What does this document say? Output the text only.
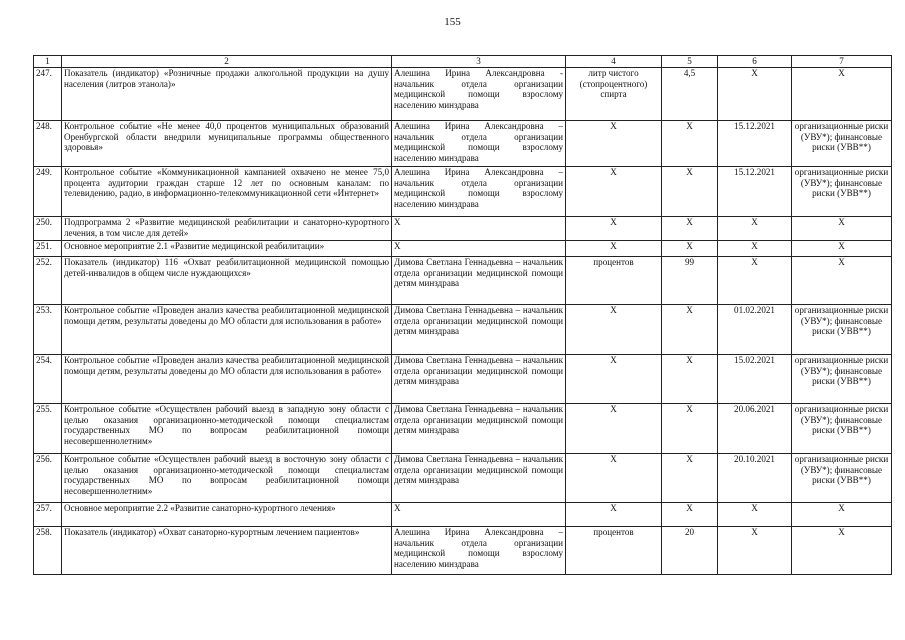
155
1	2	3	4	5	6	7
247.	Показатель (индикатор) «Розничные продажи алкогольной продукции на душу населения (литров этанола)»	Алешина Ирина Александровна - начальник отдела организации медицинской помощи взрослому населению минздрава	литр чистого (стопроцентного) спирта	4,5	Х	Х
248.	Контрольное событие «Не менее 40,0 процентов муниципальных образований Оренбургской области внедрили муниципальные программы общественного здоровья»	Алешина Ирина Александровна – начальник отдела организации медицинской помощи взрослому населению минздрава	Х	Х	15.12.2021	организационные риски (УВУ*); финансовые риски (УВВ**)
249.	Контрольное событие «Коммуникационной кампанией охвачено не менее 75,0 процента аудитории граждан старше 12 лет по основным каналам: по телевидению, радио, в информационно-телекоммуникационной сети «Интернет»	Алешина Ирина Александровна – начальник отдела организации медицинской помощи взрослому населению минздрава	Х	Х	15.12.2021	организационные риски (УВУ*); финансовые риски (УВВ**)
250.	Подпрограмма 2 «Развитие медицинской реабилитации и санаторно-курортного лечения, в том числе для детей»	Х	Х	Х	Х	Х
251.	Основное мероприятие 2.1 «Развитие медицинской реабилитации»	Х	Х	Х	Х	Х
252.	Показатель (индикатор) 116 «Охват реабилитационной медицинской помощью детей-инвалидов в общем числе нуждающихся»	Димова Светлана Геннадьевна – начальник отдела организации медицинской помощи детям минздрава	процентов	99	Х	Х
253.	Контрольное событие «Проведен анализ качества реабилитационной медицинской помощи детям, результаты доведены до МО области для использования в работе»	Димова Светлана Геннадьевна – начальник отдела организации медицинской помощи детям минздрава	Х	Х	01.02.2021	организационные риски (УВУ*); финансовые риски (УВВ**)
254.	Контрольное событие «Проведен анализ качества реабилитационной медицинской помощи детям, результаты доведены до МО области для использования в работе»	Димова Светлана Геннадьевна – начальник отдела организации медицинской помощи детям минздрава	Х	Х	15.02.2021	организационные риски (УВУ*); финансовые риски (УВВ**)
255.	Контрольное событие «Осуществлен рабочий выезд в западную зону области с целью оказания организационно-методической помощи специалистам государственных МО по вопросам реабилитационной помощи несовершеннолетним»	Димова Светлана Геннадьевна – начальник отдела организации медицинской помощи детям минздрава	Х	Х	20.06.2021	организационные риски (УВУ*); финансовые риски (УВВ**)
256.	Контрольное событие «Осуществлен рабочий выезд в восточную зону области с целью оказания организационно-методической помощи специалистам государственных МО по вопросам реабилитационной помощи несовершеннолетним»	Димова Светлана Геннадьевна – начальник отдела организации медицинской помощи детям минздрава	Х	Х	20.10.2021	организационные риски (УВУ*); финансовые риски (УВВ**)
257.	Основное мероприятие 2.2 «Развитие санаторно-курортного лечения»	Х	Х	Х	Х	Х
258.	Показатель (индикатор) «Охват санаторно-курортным лечением пациентов»	Алешина Ирина Александровна – начальник отдела организации медицинской помощи взрослому населению минздрава	процентов	20	Х	Х
